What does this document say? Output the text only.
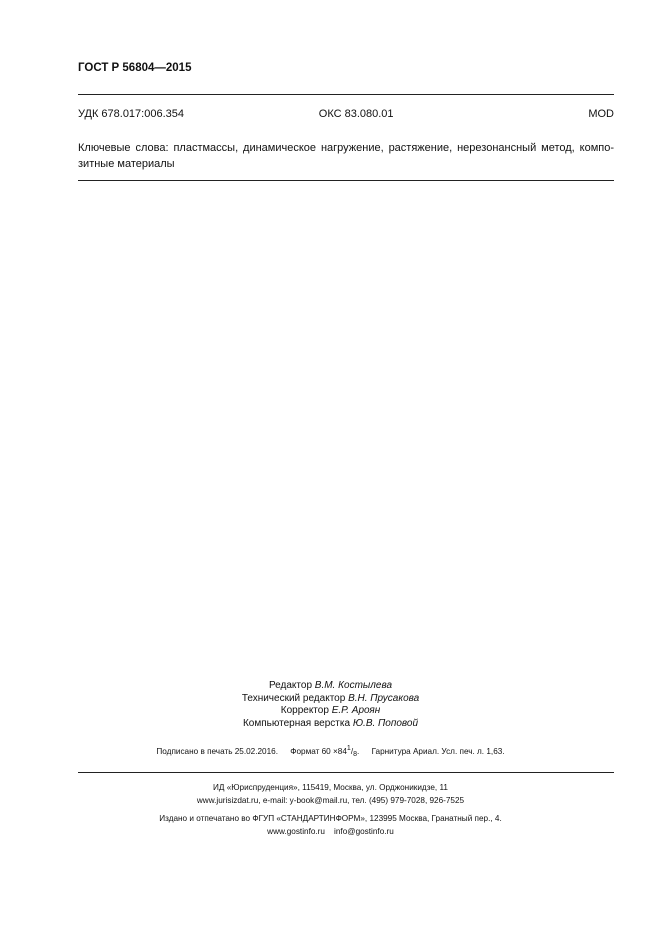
ГОСТ Р 56804—2015
УДК 678.017:006.354	ОКС 83.080.01	MOD
Ключевые слова: пластмассы, динамическое нагружение, растяжение, нерезонансный метод, компо-зитные материалы
Редактор В.М. Костылева
Технический редактор В.Н. Прусакова
Корректор Е.Р. Ароян
Компьютерная верстка Ю.В. Поповой
Подписано в печать 25.02.2016. Формат $60 \times 84^1/_8$. Гарнитура Ариал. Усл. печ. л. 1,63.
ИД «Юриспруденция», 115419, Москва, ул. Орджоникидзе, 11
www.jurisizdat.ru, e-mail: y-book@mail.ru, тел. (495) 979-7028, 926-7525
Издано и отпечатано во ФГУП «СТАНДАРТИНФОРМ», 123995 Москва, Гранатный пер., 4.
www.gostinfo.ru    info@gostinfo.ru
